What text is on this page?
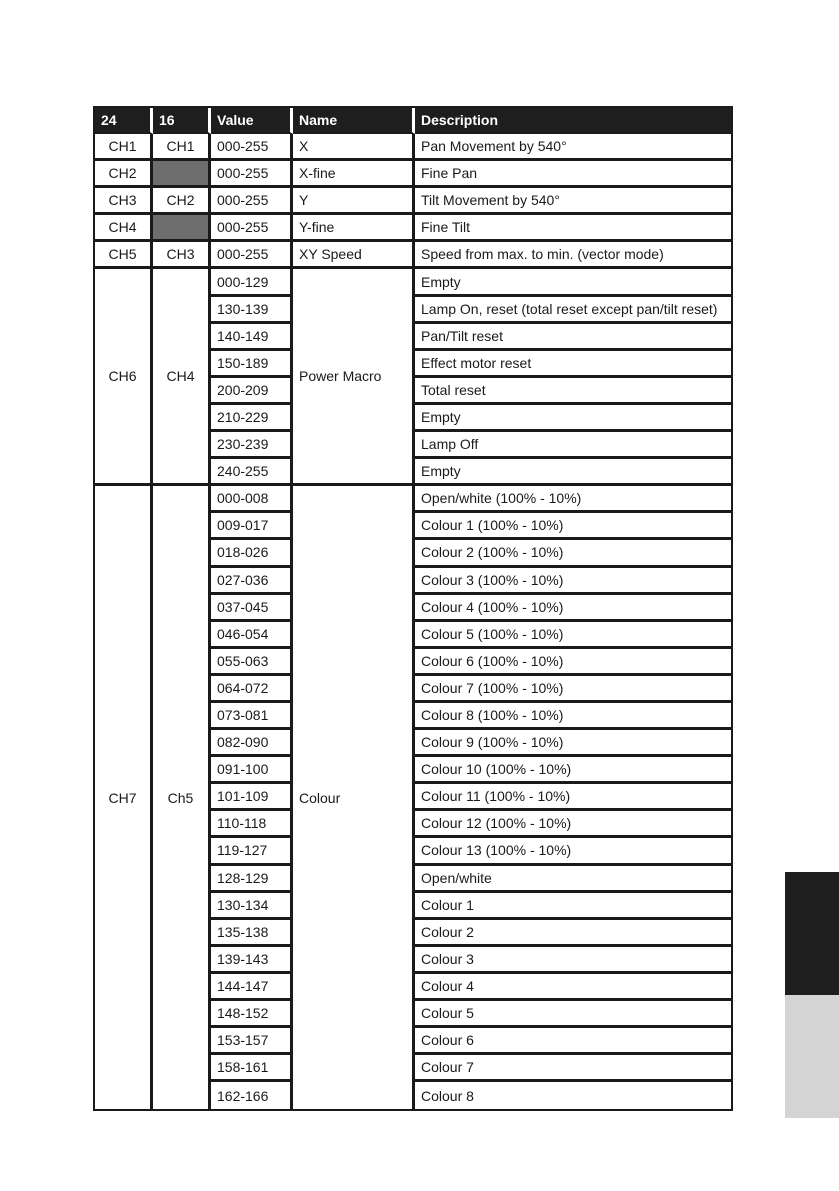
24	16	Value	Name	Description
CH1	CH1	000-255	X	Pan Movement by 540°
CH2		000-255	X-fine	Fine Pan
CH3	CH2	000-255	Y	Tilt Movement by 540°
CH4		000-255	Y-fine	Fine Tilt
CH5	CH3	000-255	XY Speed	Speed from max. to min. (vector mode)
CH6	CH4	000-129	Power Macro	Empty
		130-139		Lamp On, reset (total reset except pan/tilt reset)
		140-149		Pan/Tilt reset
		150-189		Effect motor reset
		200-209		Total reset
		210-229		Empty
		230-239		Lamp Off
		240-255		Empty
CH7	Ch5	000-008	Colour	Open/white (100% - 10%)
		009-017		Colour 1 (100% - 10%)
		018-026		Colour 2 (100% - 10%)
		027-036		Colour 3 (100% - 10%)
		037-045		Colour 4 (100% - 10%)
		046-054		Colour 5 (100% - 10%)
		055-063		Colour 6 (100% - 10%)
		064-072		Colour 7 (100% - 10%)
		073-081		Colour 8 (100% - 10%)
		082-090		Colour 9 (100% - 10%)
		091-100		Colour 10 (100% - 10%)
		101-109		Colour 11 (100% - 10%)
		110-118		Colour 12 (100% - 10%)
		119-127		Colour 13 (100% - 10%)
		128-129		Open/white
		130-134		Colour 1
		135-138		Colour 2
		139-143		Colour 3
		144-147		Colour 4
		148-152		Colour 5
		153-157		Colour 6
		158-161		Colour 7
		162-166		Colour 8
